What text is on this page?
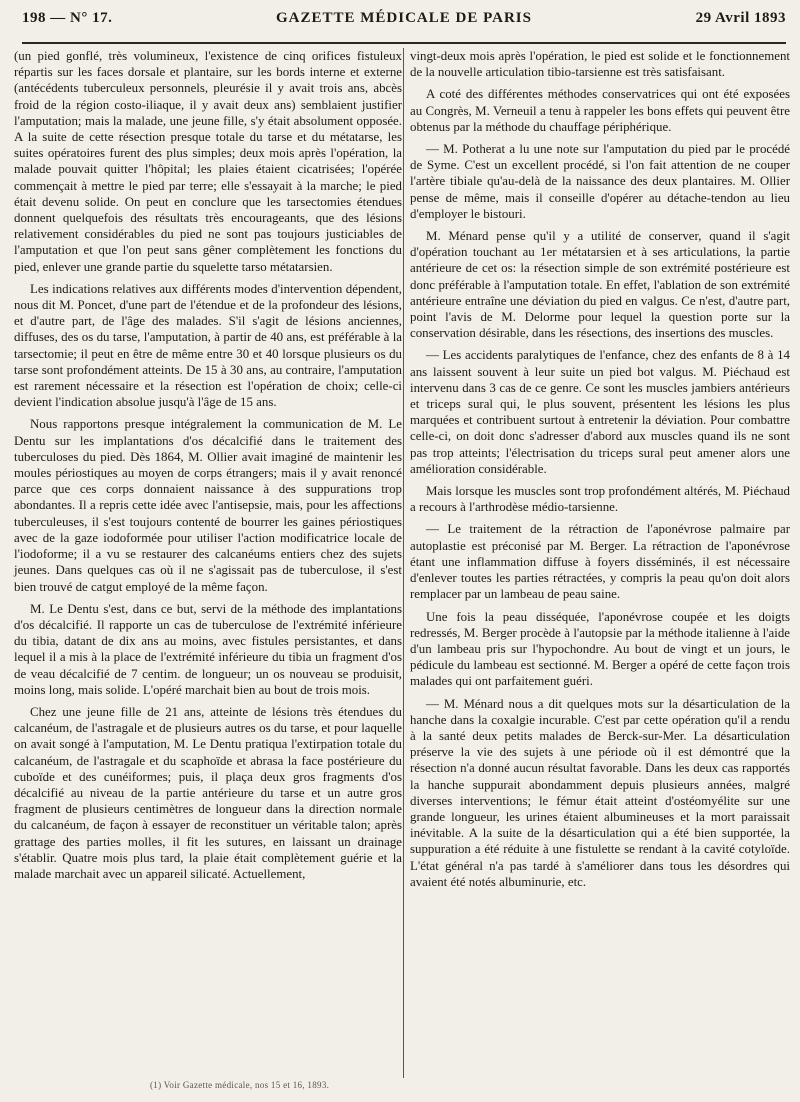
198 — N° 17.	GAZETTE MÉDICALE DE PARIS	29 Avril 1893

(un pied gonflé, très volumineux, l'existence de cinq orifices fistuleux répartis sur les faces dorsale et plantaire, sur les bords interne et externe (antécédents tuberculeux personnels, pleurésie il y avait trois ans, abcès froid de la région costo-iliaque, il y avait deux ans) semblaient justifier l'amputation; mais la malade, une jeune fille, s'y était absolument opposée. A la suite de cette résection presque totale du tarse et du métatarse, les suites opératoires furent des plus simples; deux mois après l'opération, la malade pouvait quitter l'hôpital; les plaies étaient cicatrisées; l'opérée commençait à mettre le pied par terre; elle s'essayait à la marche; le pied était devenu solide. On peut en conclure que les tarsectomies étendues donnent quelquefois des résultats très encourageants, que des lésions relativement considérables du pied ne sont pas toujours justiciables de l'amputation et que l'on peut sans gêner complètement les fonctions du pied, enlever une grande partie du squelette tarso métatarsien.

Les indications relatives aux différents modes d'intervention dépendent, nous dit M. Poncet, d'une part de l'étendue et de la profondeur des lésions, et d'autre part, de l'âge des malades. S'il s'agit de lésions anciennes, diffuses, des os du tarse, l'amputation, à partir de 40 ans, est préférable à la tarsectomie; il peut en être de même entre 30 et 40 lorsque plusieurs os du tarse sont profondément atteints. De 15 à 30 ans, au contraire, l'amputation est rarement nécessaire et la résection est l'opération de choix; celle-ci devient l'indication absolue jusqu'à l'âge de 15 ans.

Nous rapportons presque intégralement la communication de M. Le Dentu sur les implantations d'os décalcifié dans le traitement des tuberculoses du pied. Dès 1864, M. Ollier avait imaginé de maintenir les moules périostiques au moyen de corps étrangers; mais il y avait renoncé parce que ces corps donnaient naissance à des suppurations trop abondantes. Il a repris cette idée avec l'antisepsie, mais, pour les affections tuberculeuses, il s'est toujours contenté de bourrer les gaines périostiques avec de la gaze iodoformée pour utiliser l'action modificatrice locale de l'iodoforme; il a vu se restaurer des calcanéums entiers chez des sujets jeunes. Dans quelques cas où il ne s'agissait pas de tuberculose, il s'est bien trouvé de catgut employé de la même façon.

M. Le Dentu s'est, dans ce but, servi de la méthode des implantations d'os décalcifié. Il rapporte un cas de tuberculose de l'extrémité inférieure du tibia, datant de dix ans au moins, avec fistules persistantes, et dans lequel il a mis à la place de l'extrémité inférieure du tibia un fragment d'os de veau décalcifié de 7 centim. de longueur; un os nouveau se produisit, moins long, mais solide. L'opéré marchait bien au bout de trois mois.

Chez une jeune fille de 21 ans, atteinte de lésions très étendues du calcanéum, de l'astragale et de plusieurs autres os du tarse, et pour laquelle on avait songé à l'amputation, M. Le Dentu pratiqua l'extirpation totale du calcanéum, de l'astragale et du scaphoïde et abrasa la face postérieure du cuboïde et des cunéiformes; puis, il plaça deux gros fragments d'os décalcifié au niveau de la partie antérieure du tarse et un autre gros fragment de plusieurs centimètres de longueur dans la direction normale du calcanéum, de façon à essayer de reconstituer un véritable talon; après grattage des parties molles, il fit les sutures, en laissant un drainage s'établir. Quatre mois plus tard, la plaie était complètement guérie et la malade marchait avec un appareil silicaté. Actuellement,

vingt-deux mois après l'opération, le pied est solide et le fonctionnement de la nouvelle articulation tibio-tarsienne est très satisfaisant.

A coté des différentes méthodes conservatrices qui ont été exposées au Congrès, M. Verneuil a tenu à rappeler les bons effets qui peuvent être obtenus par la méthode du chauffage périphérique.

— M. Potherat a lu une note sur l'amputation du pied par le procédé de Syme. C'est un excellent procédé, si l'on fait attention de ne couper l'artère tibiale qu'au-delà de la naissance des deux plantaires. M. Ollier pense de même, mais il conseille d'opérer au détache-tendon au lieu d'employer le bistouri.

M. Ménard pense qu'il y a utilité de conserver, quand il s'agit d'opération touchant au 1er métatarsien et à ses articulations, la partie antérieure de cet os: la résection simple de son extrémité postérieure est donc préférable à l'amputation totale. En effet, l'ablation de son extrémité antérieure entraîne une déviation du pied en valgus. Ce n'est, d'autre part, point l'avis de M. Delorme pour lequel la question porte sur la conservation désirable, dans les résections, des insertions des muscles.

— Les accidents paralytiques de l'enfance, chez des enfants de 8 à 14 ans laissent souvent à leur suite un pied bot valgus. M. Piéchaud est intervenu dans 3 cas de ce genre. Ce sont les muscles jambiers antérieurs et triceps sural qui, le plus souvent, présentent les lésions les plus marquées et contribuent surtout à entretenir la déviation. Pour combattre celle-ci, on doit donc s'adresser d'abord aux muscles quand ils ne sont pas trop atteints; l'électrisation du triceps sural peut amener alors une amélioration considérable.

Mais lorsque les muscles sont trop profondément altérés, M. Piéchaud a recours à l'arthrodèse médio-tarsienne.

— Le traitement de la rétraction de l'aponévrose palmaire par autoplastie est préconisé par M. Berger. La rétraction de l'aponévrose étant une inflammation diffuse à foyers disséminés, il est nécessaire d'enlever toutes les parties rétractées, y compris la peau qu'on doit alors remplacer par un lambeau de peau saine.

Une fois la peau disséquée, l'aponévrose coupée et les doigts redressés, M. Berger procède à l'autopsie par la méthode italienne à l'aide d'un lambeau pris sur l'hypochondre. Au bout de vingt et un jours, le pédicule du lambeau est sectionné. M. Berger a opéré de cette façon trois malades qui ont parfaitement guéri.

— M. Ménard nous a dit quelques mots sur la désarticulation de la hanche dans la coxalgie incurable. C'est par cette opération qu'il a rendu à la santé deux petits malades de Berck-sur-Mer. La désarticulation préserve la vie des sujets à une période où il est démontré que la résection n'a donné aucun résultat favorable. Dans les deux cas rapportés la hanche suppurait abondamment depuis plusieurs années, malgré diverses interventions; le fémur était atteint d'ostéomyélite sur une grande longueur, les urines étaient albumineuses et la mort paraissait inévitable. A la suite de la désarticulation qui a été bien supportée, la suppuration a été réduite à une fistulette se rendant à la cavité cotyloïde. L'état général n'a pas tardé à s'améliorer dans tous les désordres qui avaient été notés albuminurie, etc.

(1) Voir Gazette médicale, nos 15 et 16, 1893.
